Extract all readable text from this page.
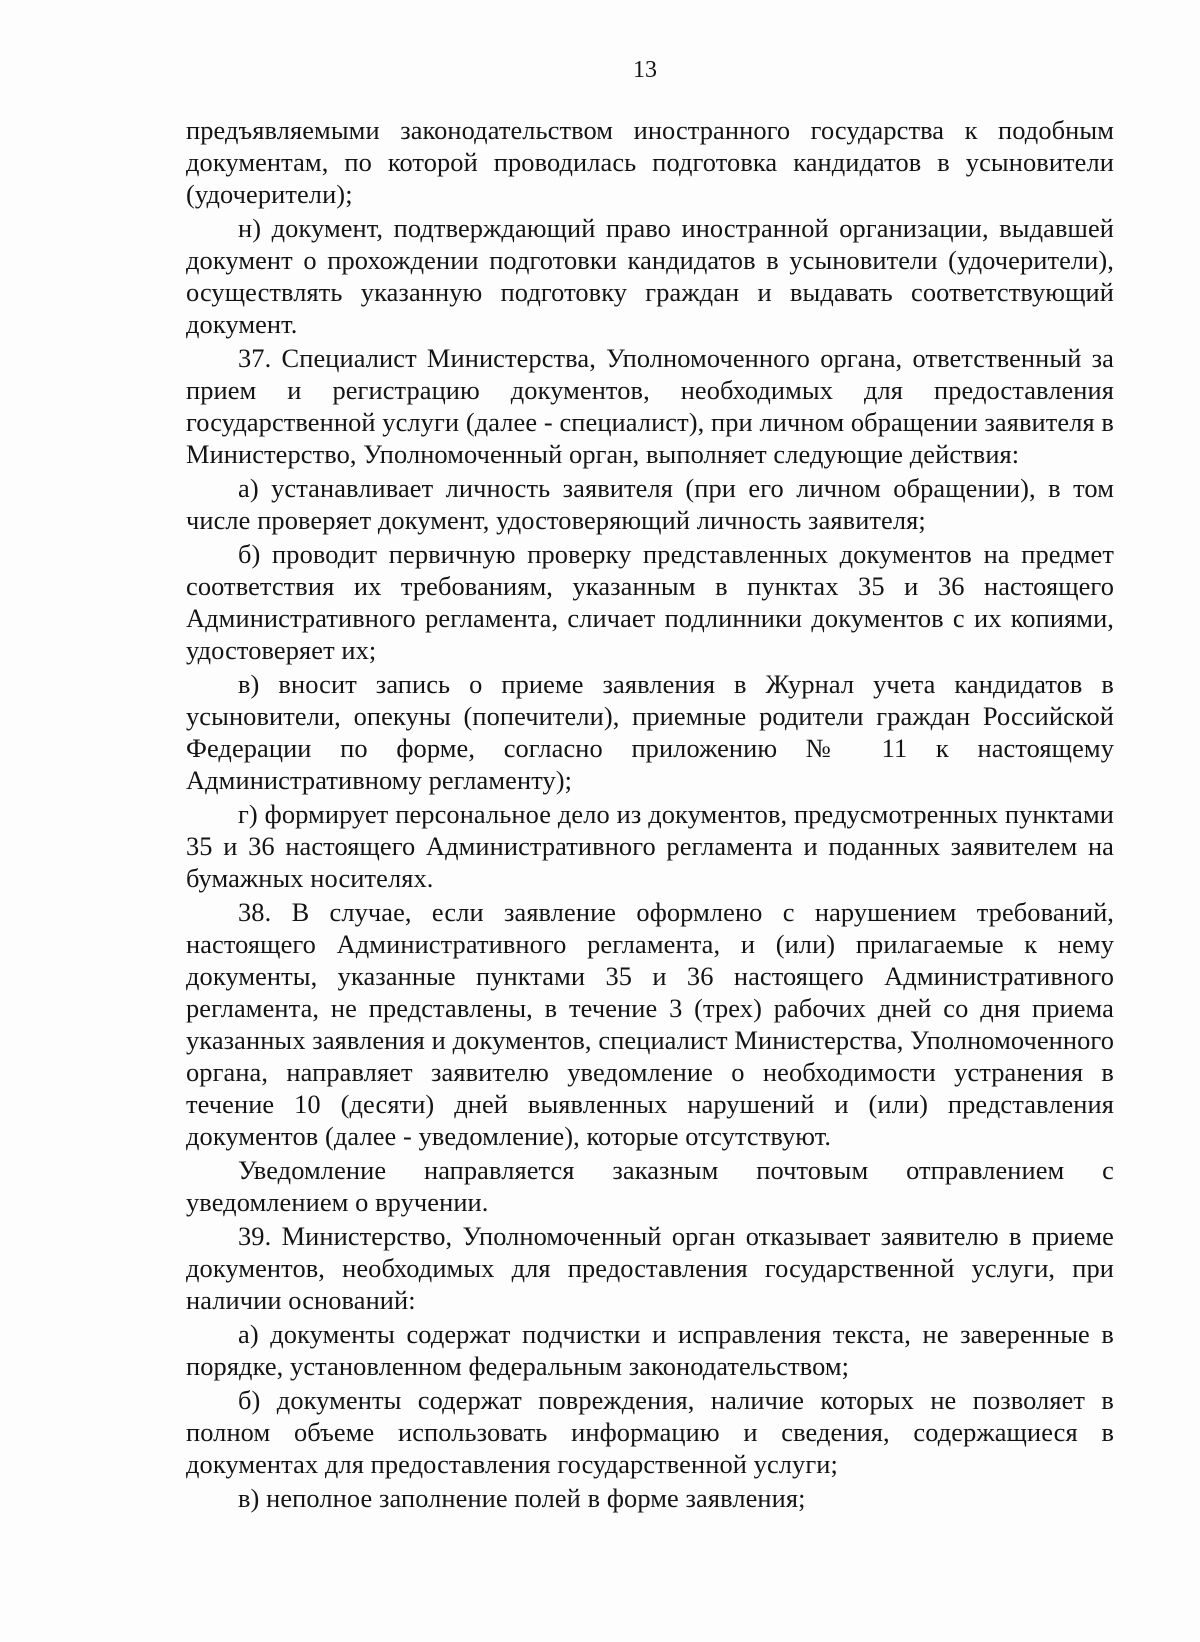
13

предъявляемыми законодательством иностранного государства к подобным документам, по которой проводилась подготовка кандидатов в усыновители (удочерители);

н) документ, подтверждающий право иностранной организации, выдавшей документ о прохождении подготовки кандидатов в усыновители (удочерители), осуществлять указанную подготовку граждан и выдавать соответствующий документ.

37. Специалист Министерства, Уполномоченного органа, ответственный за прием и регистрацию документов, необходимых для предоставления государственной услуги (далее - специалист), при личном обращении заявителя в Министерство, Уполномоченный орган, выполняет следующие действия:

а) устанавливает личность заявителя (при его личном обращении), в том числе проверяет документ, удостоверяющий личность заявителя;

б) проводит первичную проверку представленных документов на предмет соответствия их требованиям, указанным в пунктах 35 и 36 настоящего Административного регламента, сличает подлинники документов с их копиями, удостоверяет их;

в) вносит запись о приеме заявления в Журнал учета кандидатов в усыновители, опекуны (попечители), приемные родители граждан Российской Федерации по форме, согласно приложению № 11 к настоящему Административному регламенту);

г) формирует персональное дело из документов, предусмотренных пунктами 35 и 36 настоящего Административного регламента и поданных заявителем на бумажных носителях.

38. В случае, если заявление оформлено с нарушением требований, настоящего Административного регламента, и (или) прилагаемые к нему документы, указанные пунктами 35 и 36 настоящего Административного регламента, не представлены, в течение 3 (трех) рабочих дней со дня приема указанных заявления и документов, специалист Министерства, Уполномоченного органа, направляет заявителю уведомление о необходимости устранения в течение 10 (десяти) дней выявленных нарушений и (или) представления документов (далее - уведомление), которые отсутствуют.

Уведомление направляется заказным почтовым отправлением с уведомлением о вручении.

39. Министерство, Уполномоченный орган отказывает заявителю в приеме документов, необходимых для предоставления государственной услуги, при наличии оснований:

а) документы содержат подчистки и исправления текста, не заверенные в порядке, установленном федеральным законодательством;

б) документы содержат повреждения, наличие которых не позволяет в полном объеме использовать информацию и сведения, содержащиеся в документах для предоставления государственной услуги;

в) неполное заполнение полей в форме заявления;
